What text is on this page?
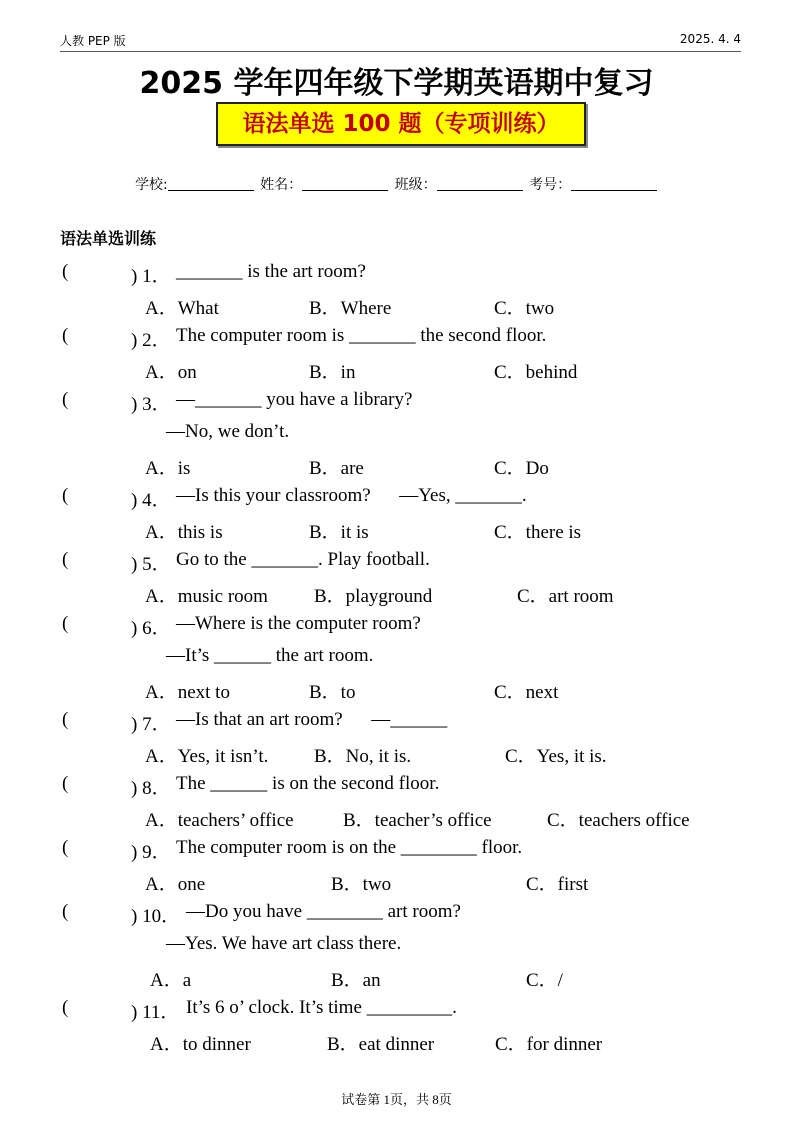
人教 PEP 版	2025. 4. 4
2025 学年四年级下学期英语期中复习
语法单选 100 题（专项训练）
学校:	姓名：	班级：	考号：
语法单选训练
(	) 1． _______ is the art room?
A．What	B．Where	C．two
(	) 2． The computer room is _______ the second floor.
A．on	B．in	C．behind
(	) 3． —_______ you have a library?
—No, we don’t.
A．is	B．are	C．Do
(	) 4． —Is this your classroom?      —Yes, _______.
A．this is	B．it is	C．there is
(	) 5． Go to the _______. Play football.
A．music room B．playground	C．art room
(	) 6． —Where is the computer room?
—It’s ______ the art room.
A．next to	B．to	C．next
(	) 7． —Is that an art room?      —______
A．Yes, it isn’t. B．No, it is.	C．Yes, it is.
(	) 8． The ______ is on the second floor.
A．teachers’ office	B．teacher’s office	C．teachers office
(	) 9． The computer room is on the ________ floor.
A．one	B．two	C．first
(	) 10． —Do you have ________ art room?
—Yes. We have art class there.
A．a	B．an	C．/
(	) 11． It’s 6 o’ clock. It’s time _________.
A．to dinner	B．eat dinner	C．for dinner
试卷第 1页，共 8页
